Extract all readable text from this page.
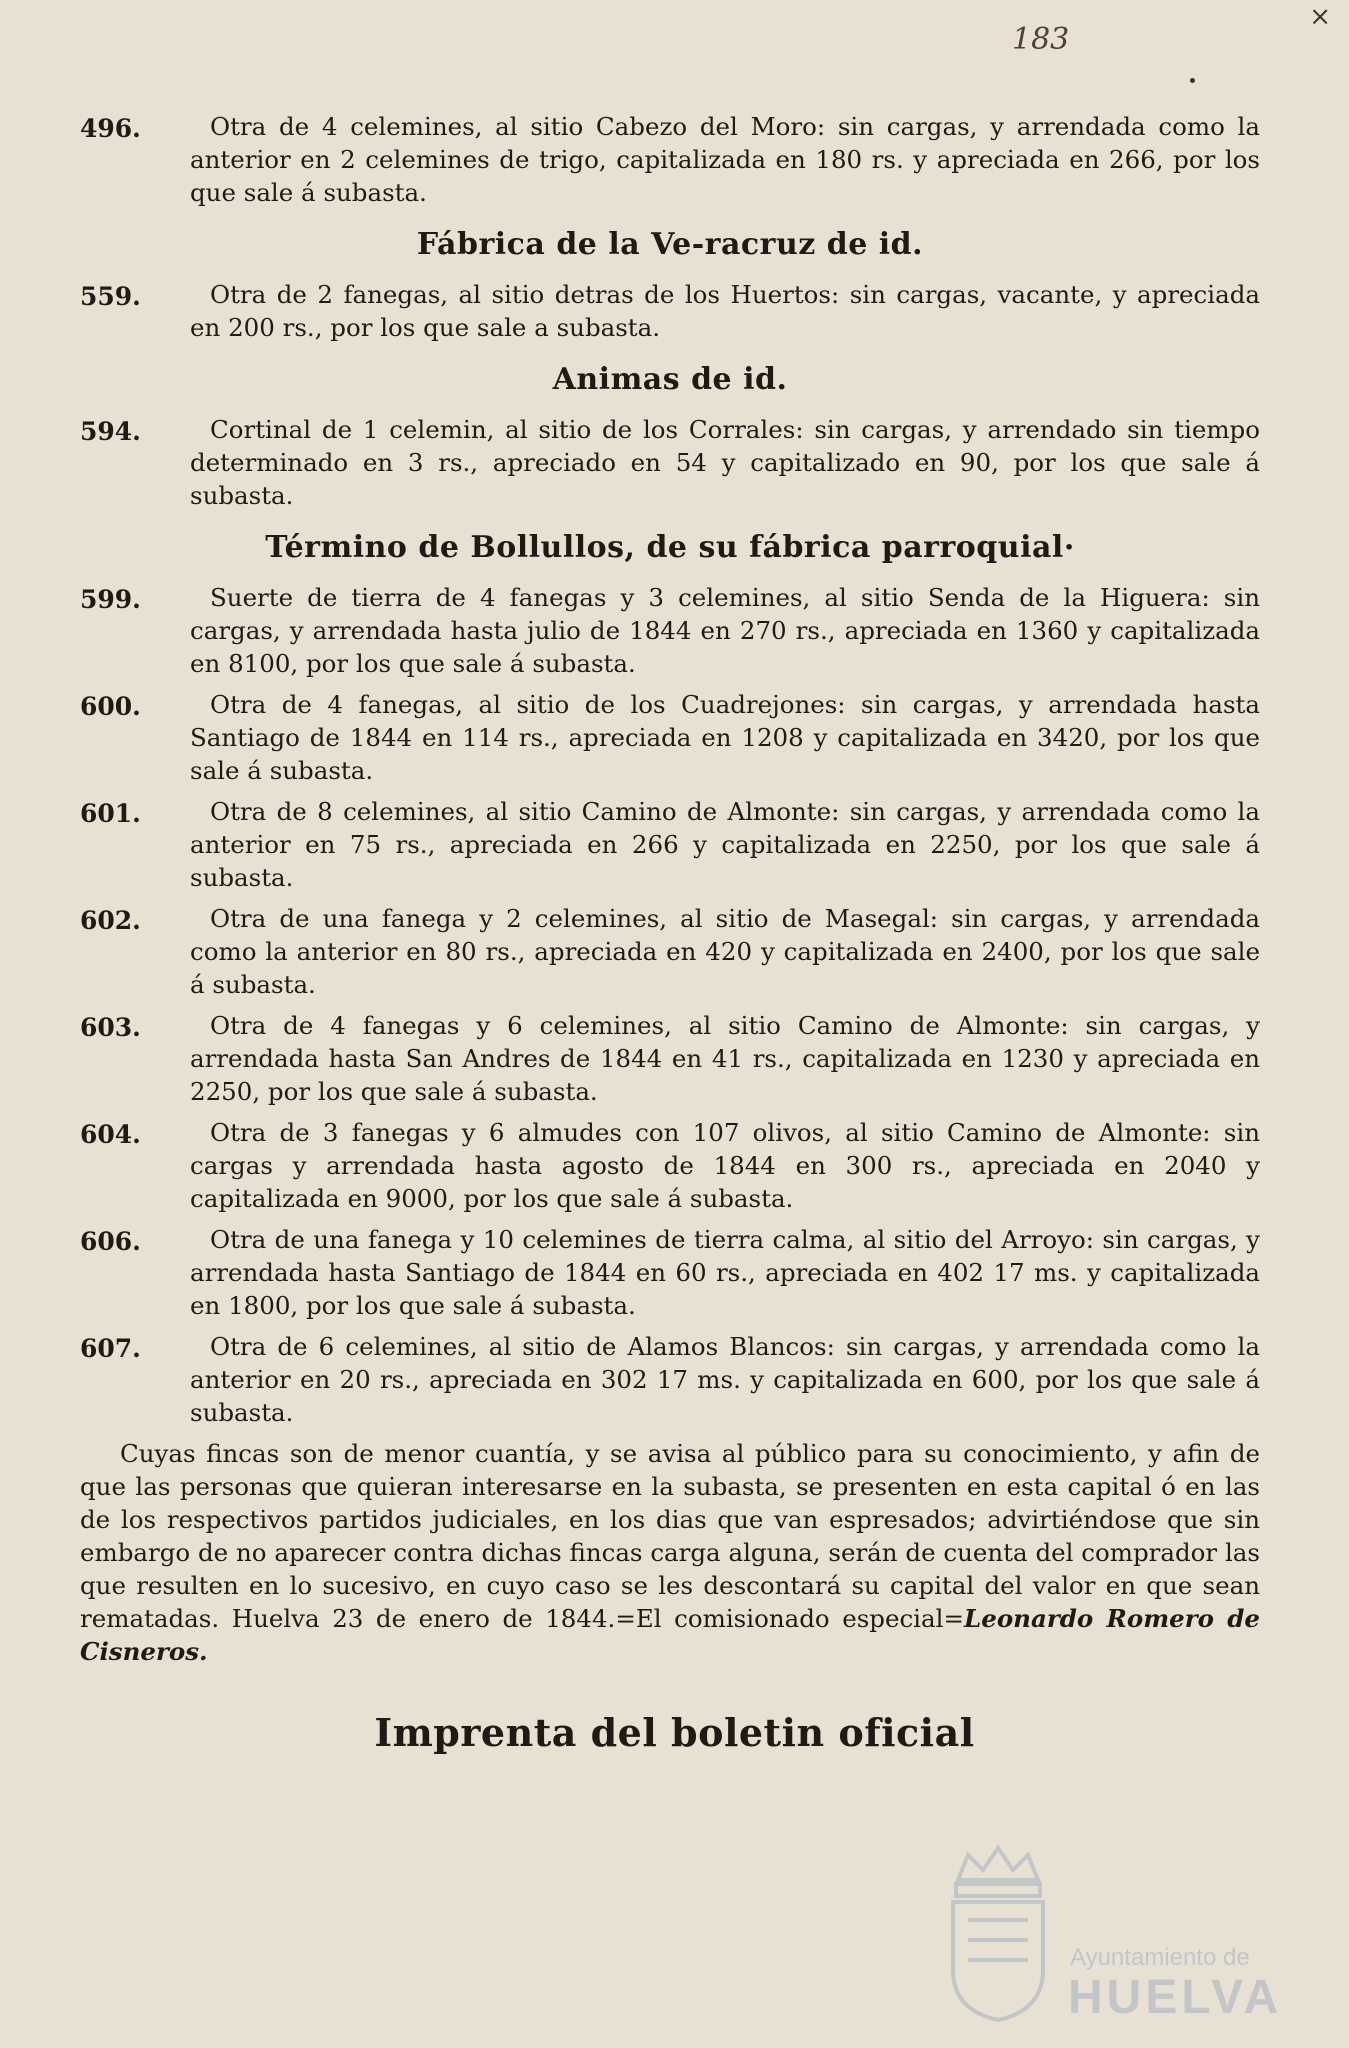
×
183
496.	Otra de 4 celemines, al sitio Cabezo del Moro: sin cargas, y arrendada como la anterior en 2 celemines de trigo, capitalizada en 180 rs. y apreciada en 266, por los que sale á subasta.
Fábrica de la Ve-racruz de id.
559.	Otra de 2 fanegas, al sitio detras de los Huertos: sin cargas, vacante, y apreciada en 200 rs., por los que sale a subasta.
Animas de id.
594.	Cortinal de 1 celemin, al sitio de los Corrales: sin cargas, y arrendado sin tiempo determinado en 3 rs., apreciado en 54 y capitalizado en 90, por los que sale á subasta.
Término de Bollullos, de su fábrica parroquial·
599.	Suerte de tierra de 4 fanegas y 3 celemines, al sitio Senda de la Higuera: sin cargas, y arrendada hasta julio de 1844 en 270 rs., apreciada en 1360 y capitalizada en 8100, por los que sale á subasta.
600.	Otra de 4 fanegas, al sitio de los Cuadrejones: sin cargas, y arrendada hasta Santiago de 1844 en 114 rs., apreciada en 1208 y capitalizada en 3420, por los que sale á subasta.
601.	Otra de 8 celemines, al sitio Camino de Almonte: sin cargas, y arrendada como la anterior en 75 rs., apreciada en 266 y capitalizada en 2250, por los que sale á subasta.
602.	Otra de una fanega y 2 celemines, al sitio de Masegal: sin cargas, y arrendada como la anterior en 80 rs., apreciada en 420 y capitalizada en 2400, por los que sale á subasta.
603.	Otra de 4 fanegas y 6 celemines, al sitio Camino de Almonte: sin cargas, y arrendada hasta San Andres de 1844 en 41 rs., capitalizada en 1230 y apreciada en 2250, por los que sale á subasta.
604.	Otra de 3 fanegas y 6 almudes con 107 olivos, al sitio Camino de Almonte: sin cargas y arrendada hasta agosto de 1844 en 300 rs., apreciada en 2040 y capitalizada en 9000, por los que sale á subasta.
606.	Otra de una fanega y 10 celemines de tierra calma, al sitio del Arroyo: sin cargas, y arrendada hasta Santiago de 1844 en 60 rs., apreciada en 402 17 ms. y capitalizada en 1800, por los que sale á subasta.
607.	Otra de 6 celemines, al sitio de Alamos Blancos: sin cargas, y arrendada como la anterior en 20 rs., apreciada en 302 17 ms. y capitalizada en 600, por los que sale á subasta.
Cuyas fincas son de menor cuantía, y se avisa al público para su conocimiento, y afin de que las personas que quieran interesarse en la subasta, se presenten en esta capital ó en las de los respectivos partidos judiciales, en los dias que van espresados; advirtiéndose que sin embargo de no aparecer contra dichas fincas carga alguna, serán de cuenta del comprador las que resulten en lo sucesivo, en cuyo caso se les descontará su capital del valor en que sean rematadas. Huelva 23 de enero de 1844.=El comisionado especial=Leonardo Romero de Cisneros.
Imprenta del boletin oficial
Ayuntamiento de
HUELVA
